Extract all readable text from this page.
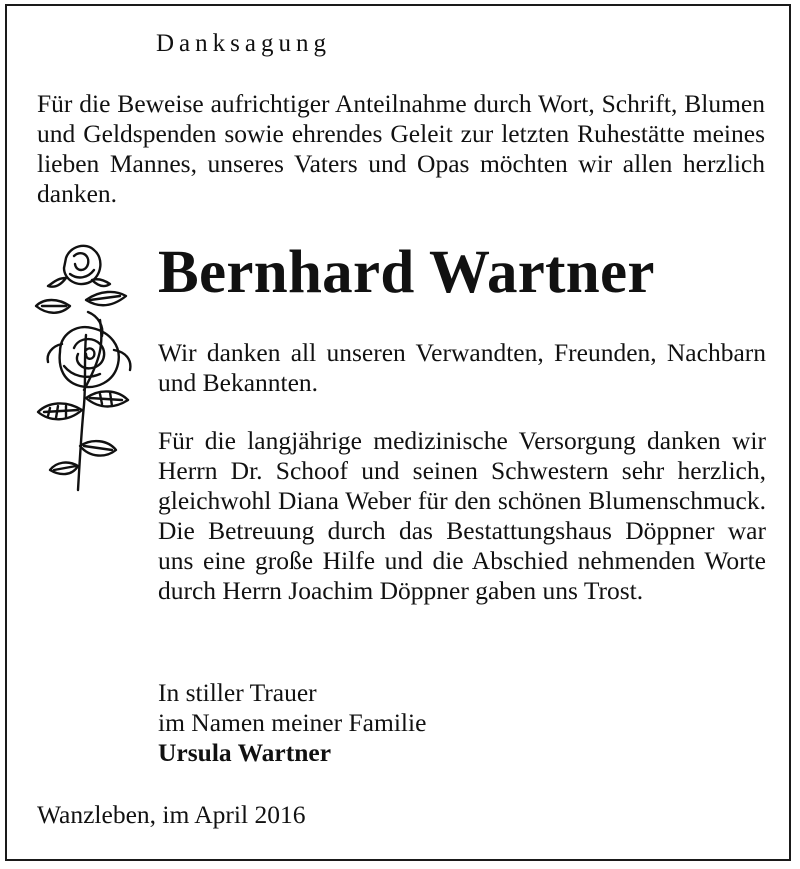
Danksagung

Für die Beweise aufrichtiger Anteilnahme durch Wort, Schrift, Blumen und Geldspenden sowie ehrendes Geleit zur letzten Ruhestätte meines lieben Mannes, unseres Vaters und Opas möchten wir allen herzlich danken.

Bernhard Wartner

Wir danken all unseren Verwandten, Freunden, Nachbarn und Bekannten.

Für die langjährige medizinische Versorgung danken wir Herrn Dr. Schoof und seinen Schwestern sehr herzlich, gleichwohl Diana Weber für den schönen Blumenschmuck. Die Betreuung durch das Bestattungshaus Döppner war uns eine große Hilfe und die Abschied nehmenden Worte durch Herrn Joachim Döppner gaben uns Trost.

In stiller Trauer
im Namen meiner Familie
Ursula Wartner
Wanzleben, im April 2016
